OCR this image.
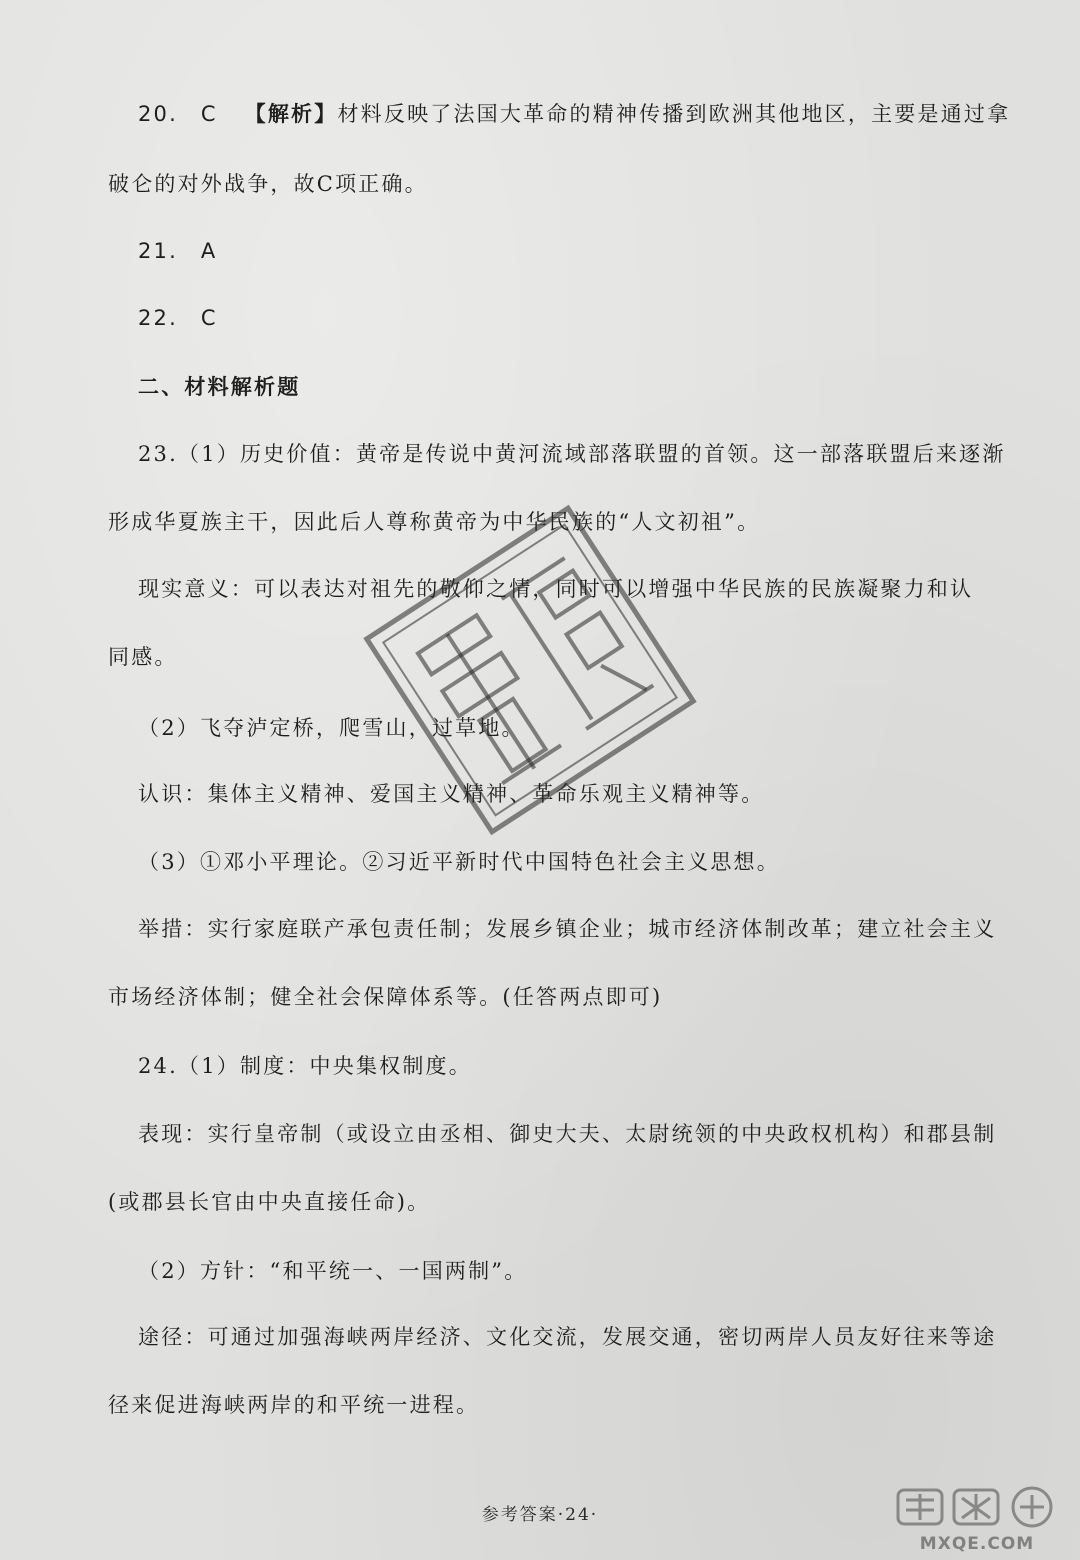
20. C 【解析】材料反映了法国大革命的精神传播到欧洲其他地区，主要是通过拿
破仑的对外战争，故C项正确。
21. A
22. C
二、材料解析题
23.（1）历史价值：黄帝是传说中黄河流域部落联盟的首领。这一部落联盟后来逐渐
形成华夏族主干，因此后人尊称黄帝为中华民族的“人文初祖”。
现实意义：可以表达对祖先的敬仰之情，同时可以增强中华民族的民族凝聚力和认
同感。
（2）飞夺泸定桥，爬雪山，过草地。
认识：集体主义精神、爱国主义精神、革命乐观主义精神等。
（3）①邓小平理论。②习近平新时代中国特色社会主义思想。
举措：实行家庭联产承包责任制；发展乡镇企业；城市经济体制改革；建立社会主义
市场经济体制；健全社会保障体系等。(任答两点即可)
24.（1）制度：中央集权制度。
表现：实行皇帝制（或设立由丞相、御史大夫、太尉统领的中央政权机构）和郡县制
(或郡县长官由中央直接任命)。
（2）方针：“和平统一、一国两制”。
途径：可通过加强海峡两岸经济、文化交流，发展交通，密切两岸人员友好往来等途
径来促进海峡两岸的和平统一进程。
参考答案·24·
MXQE.COM
